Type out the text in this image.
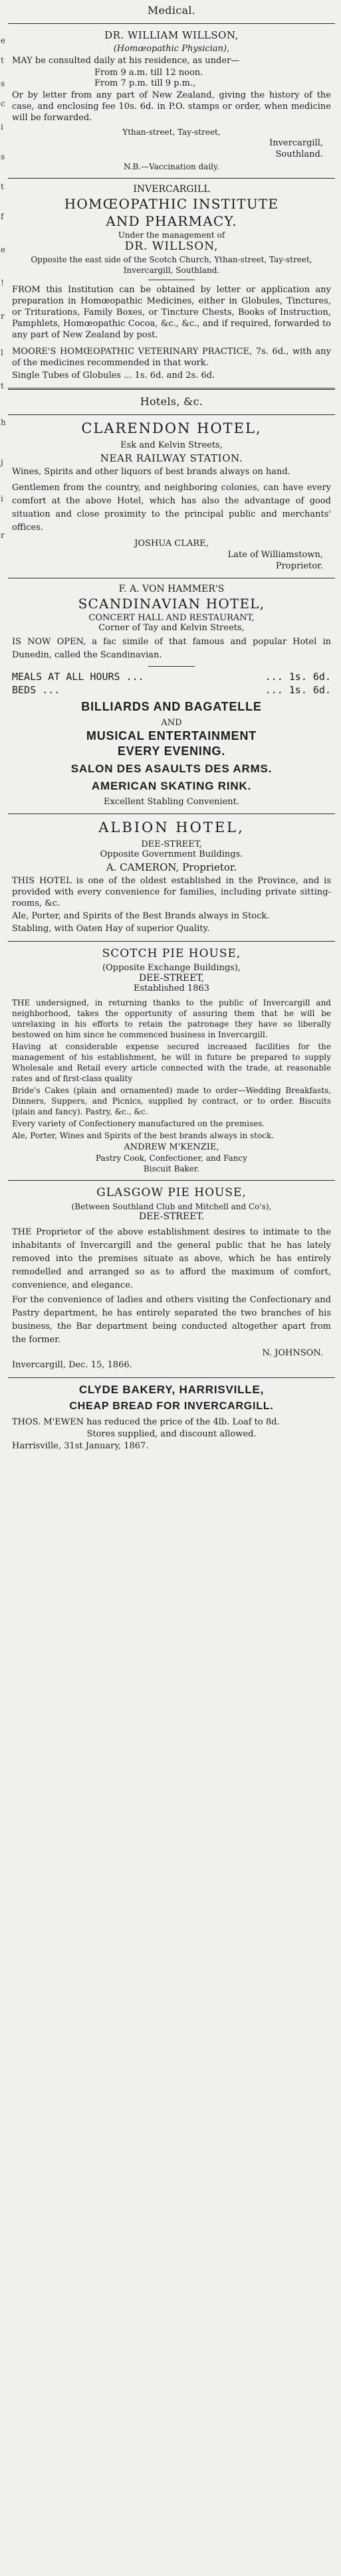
e
t
s
c
i
s
t
f
e
!
r
l
t
h
j
i
r
Medical.
DR. WILLIAM WILLSON,
(Homœopathic Physician),
MAY be consulted daily at his residence, as under—
From 9 a.m. till 12 noon.
From 7 p.m. till 9 p.m.,
Or by letter from any part of New Zealand, giving the history of the case, and enclosing fee 10s. 6d. in P.O. stamps or order, when medicine will be forwarded.
Ythan-street, Tay-street,
Invercargill,
Southland.
N.B.—Vaccination daily.
INVERCARGILL
HOMŒOPATHIC INSTITUTE
AND PHARMACY.
Under the management of
DR. WILLSON,
Opposite the east side of the Scotch Church, Ythan-street, Tay-street, Invercargill, Southland.
FROM this Institution can be obtained by letter or application any preparation in Homœopathic Medicines, either in Globules, Tinctures, or Triturations, Family Boxes, or Tincture Chests, Books of Instruction, Pamphlets, Homœopathic Cocoa, &c., &c., and if required, forwarded to any part of New Zealand by post.
MOORE'S HOMŒOPATHIC VETERINARY PRACTICE, 7s. 6d., with any of the medicines recommended in that work.
Single Tubes of Globules ... 1s. 6d. and 2s. 6d.
Hotels, &c.
CLARENDON HOTEL,
Esk and Kelvin Streets,
NEAR RAILWAY STATION.
Wines, Spirits and other liquors of best brands always on hand.
Gentlemen from the country, and neighboring colonies, can have every comfort at the above Hotel, which has also the advantage of good situation and close proximity to the principal public and merchants' offices.
JOSHUA CLARE,
Late of Williamstown,
Proprietor.
F. A. VON HAMMER'S
SCANDINAVIAN HOTEL,
CONCERT HALL AND RESTAURANT,
Corner of Tay and Kelvin Streets,
IS NOW OPEN, a fac simile of that famous and popular Hotel in Dunedin, called the Scandinavian.
MEALS AT ALL HOURS ...	... 1s. 6d.
BEDS ...	... 1s. 6d.
BILLIARDS AND BAGATELLE
AND
MUSICAL ENTERTAINMENT
EVERY EVENING.
SALON DES ASAULTS DES ARMS.
AMERICAN SKATING RINK.
Excellent Stabling Convenient.
ALBION HOTEL,
DEE-STREET,
Opposite Government Buildings.
A. CAMERON, Proprietor.
THIS HOTEL is one of the oldest established in the Province, and is provided with every convenience for families, including private sitting-rooms, &c.
Ale, Porter, and Spirits of the Best Brands always in Stock.
Stabling, with Oaten Hay of superior Quality.
SCOTCH PIE HOUSE,
(Opposite Exchange Buildings),
DEE-STREET,
Established 1863
THE undersigned, in returning thanks to the public of Invercargill and neighborhood, takes the opportunity of assuring them that he will be unrelaxing in his efforts to retain the patronage they have so liberally bestowed on him since he commenced business in Invercargill.
Having at considerable expense secured increased facilities for the management of his establishment, he will in future be prepared to supply Wholesale and Retail every article connected with the trade, at reasonable rates and of first-class quality
Bride's Cakes (plain and ornamented) made to order—Wedding Breakfasts, Dinners, Suppers, and Picnics, supplied by contract, or to order. Biscuits (plain and fancy). Pastry, &c., &c.
Every variety of Confectionery manufactured on the premises.
Ale, Porter, Wines and Spirits of the best brands always in stock.
ANDREW M'KENZIE,
Pastry Cook, Confectioner, and Fancy
Biscuit Baker.
GLASGOW PIE HOUSE,
(Between Southland Club and Mitchell and Co's),
DEE-STREET.
THE Proprietor of the above establishment desires to intimate to the inhabitants of Invercargill and the general public that he has lately removed into the premises situate as above, which he has entirely remodelled and arranged so as to afford the maximum of comfort, convenience, and elegance.
For the convenience of ladies and others visiting the Confectionary and Pastry department, he has entirely separated the two branches of his business, the Bar department being conducted altogether apart from the former.
N. JOHNSON.
Invercargill, Dec. 15, 1866.
CLYDE BAKERY, HARRISVILLE,
CHEAP BREAD FOR INVERCARGILL.
THOS. M'EWEN has reduced the price of the 4lb. Loaf to 8d.
Stores supplied, and discount allowed.
Harrisville, 31st January, 1867.
